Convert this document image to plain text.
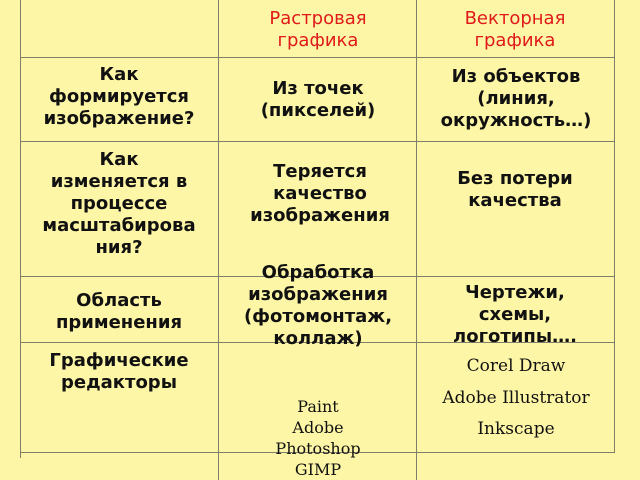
Растровая
графика
Векторная
графика
Как
формируется
изображение?
Из точек
(пикселей)
Из объектов
(линия,
окружность…)
Как
изменяется в
процессе
масштабирова
ния?
Теряется
качество
изображения
Без потери
качества
Область
применения
Обработка
изображения
(фотомонтаж,
коллаж)
Чертежи,
схемы,
логотипы….
Графические
редакторы
Paint
Adobe
Photoshop
GIMP
Corel Draw
Adobe Illustrator
Inkscape
